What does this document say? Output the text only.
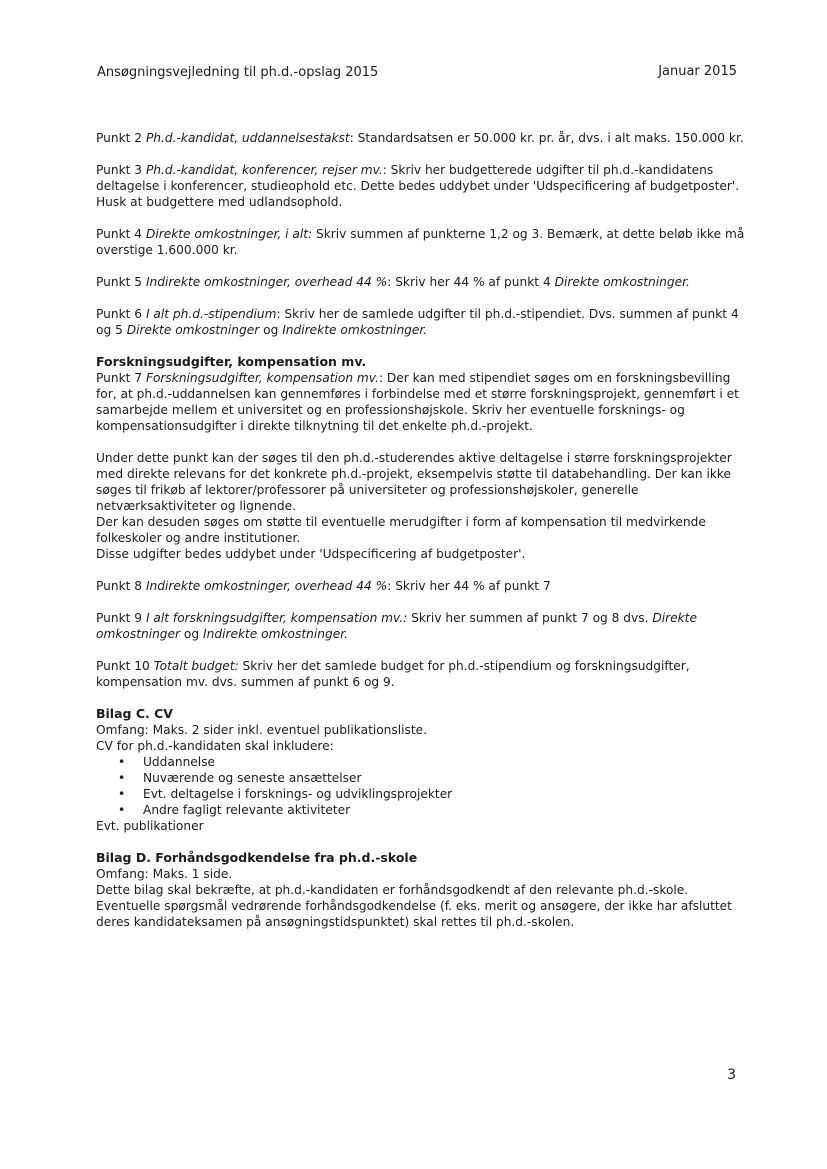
Ansøgningsvejledning til ph.d.-opslag 2015	Januar 2015

Punkt 2 Ph.d.-kandidat, uddannelsestakst: Standardsatsen er 50.000 kr. pr. år, dvs. i alt maks. 150.000 kr.

Punkt 3 Ph.d.-kandidat, konferencer, rejser mv.: Skriv her budgetterede udgifter til ph.d.-kandidatens deltagelse i konferencer, studieophold etc. Dette bedes uddybet under 'Udspecificering af budgetposter'. Husk at budgettere med udlandsophold.

Punkt 4 Direkte omkostninger, i alt: Skriv summen af punkterne 1,2 og 3. Bemærk, at dette beløb ikke må overstige 1.600.000 kr.

Punkt 5 Indirekte omkostninger, overhead 44 %: Skriv her 44 % af punkt 4 Direkte omkostninger.

Punkt 6 I alt ph.d.-stipendium: Skriv her de samlede udgifter til ph.d.-stipendiet. Dvs. summen af punkt 4 og 5 Direkte omkostninger og Indirekte omkostninger.

Forskningsudgifter, kompensation mv.

Punkt 7 Forskningsudgifter, kompensation mv.: Der kan med stipendiet søges om en forskningsbevilling for, at ph.d.-uddannelsen kan gennemføres i forbindelse med et større forskningsprojekt, gennemført i et samarbejde mellem et universitet og en professionshøjskole. Skriv her eventuelle forsknings- og kompensationsudgifter i direkte tilknytning til det enkelte ph.d.-projekt.

Under dette punkt kan der søges til den ph.d.-studerendes aktive deltagelse i større forskningsprojekter med direkte relevans for det konkrete ph.d.-projekt, eksempelvis støtte til databehandling. Der kan ikke søges til frikøb af lektorer/professorer på universiteter og professionshøjskoler, generelle netværksaktiviteter og lignende.

Der kan desuden søges om støtte til eventuelle merudgifter i form af kompensation til medvirkende folkeskoler og andre institutioner.

Disse udgifter bedes uddybet under 'Udspecificering af budgetposter'.

Punkt 8 Indirekte omkostninger, overhead 44 %: Skriv her 44 % af punkt 7

Punkt 9 I alt forskningsudgifter, kompensation mv.: Skriv her summen af punkt 7 og 8 dvs. Direkte omkostninger og Indirekte omkostninger.

Punkt 10 Totalt budget: Skriv her det samlede budget for ph.d.-stipendium og forskningsudgifter, kompensation mv. dvs. summen af punkt 6 og 9.

Bilag C. CV

Omfang: Maks. 2 sider inkl. eventuel publikationsliste.

CV for ph.d.-kandidaten skal inkludere:

• Uddannelse
• Nuværende og seneste ansættelser
• Evt. deltagelse i forsknings- og udviklingsprojekter
• Andre fagligt relevante aktiviteter

Evt. publikationer

Bilag D. Forhåndsgodkendelse fra ph.d.-skole

Omfang: Maks. 1 side.

Dette bilag skal bekræfte, at ph.d.-kandidaten er forhåndsgodkendt af den relevante ph.d.-skole. Eventuelle spørgsmål vedrørende forhåndsgodkendelse (f. eks. merit og ansøgere, der ikke har afsluttet deres kandidateksamen på ansøgningstidspunktet) skal rettes til ph.d.-skolen.

3
